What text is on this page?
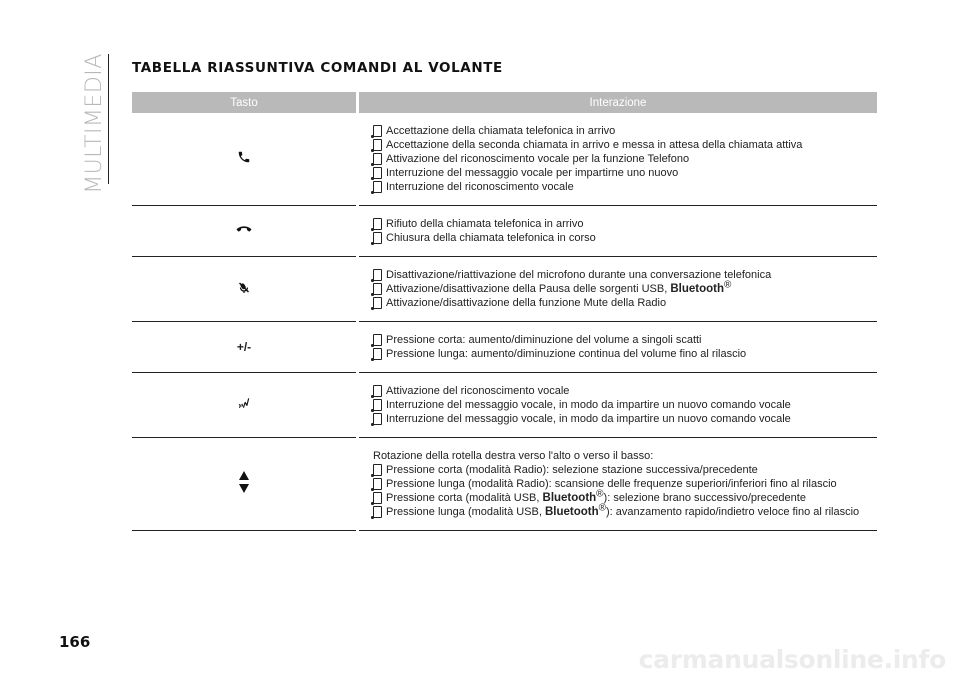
MULTIMEDIA TABELLA RIASSUNTIVA COMANDI AL VOLANTE
Tasto	Interazione

Accettazione della chiamata telefonica in arrivo
Accettazione della seconda chiamata in arrivo e messa in attesa della chiamata attiva
Attivazione del riconoscimento vocale per la funzione Telefono
Interruzione del messaggio vocale per impartirne uno nuovo
Interruzione del riconoscimento vocale

Rifiuto della chiamata telefonica in arrivo
Chiusura della chiamata telefonica in corso

Disattivazione/riattivazione del microfono durante una conversazione telefonica
Attivazione/disattivazione della Pausa delle sorgenti USB, Bluetooth®
Attivazione/disattivazione della funzione Mute della Radio

+/-	Pressione corta: aumento/diminuzione del volume a singoli scatti
Pressione lunga: aumento/diminuzione continua del volume fino al rilascio

Attivazione del riconoscimento vocale
Interruzione del messaggio vocale, in modo da impartire un nuovo comando vocale
Interruzione del messaggio vocale, in modo da impartire un nuovo comando vocale

Rotazione della rotella destra verso l'alto o verso il basso:

Pressione corta (modalità Radio): selezione stazione successiva/precedente
Pressione lunga (modalità Radio): scansione delle frequenze superiori/inferiori fino al rilascio
Pressione corta (modalità USB, Bluetooth®): selezione brano successivo/precedente
Pressione lunga (modalità USB, Bluetooth®): avanzamento rapido/indietro veloce fino al rilascio
166
carmanualsonline.info
